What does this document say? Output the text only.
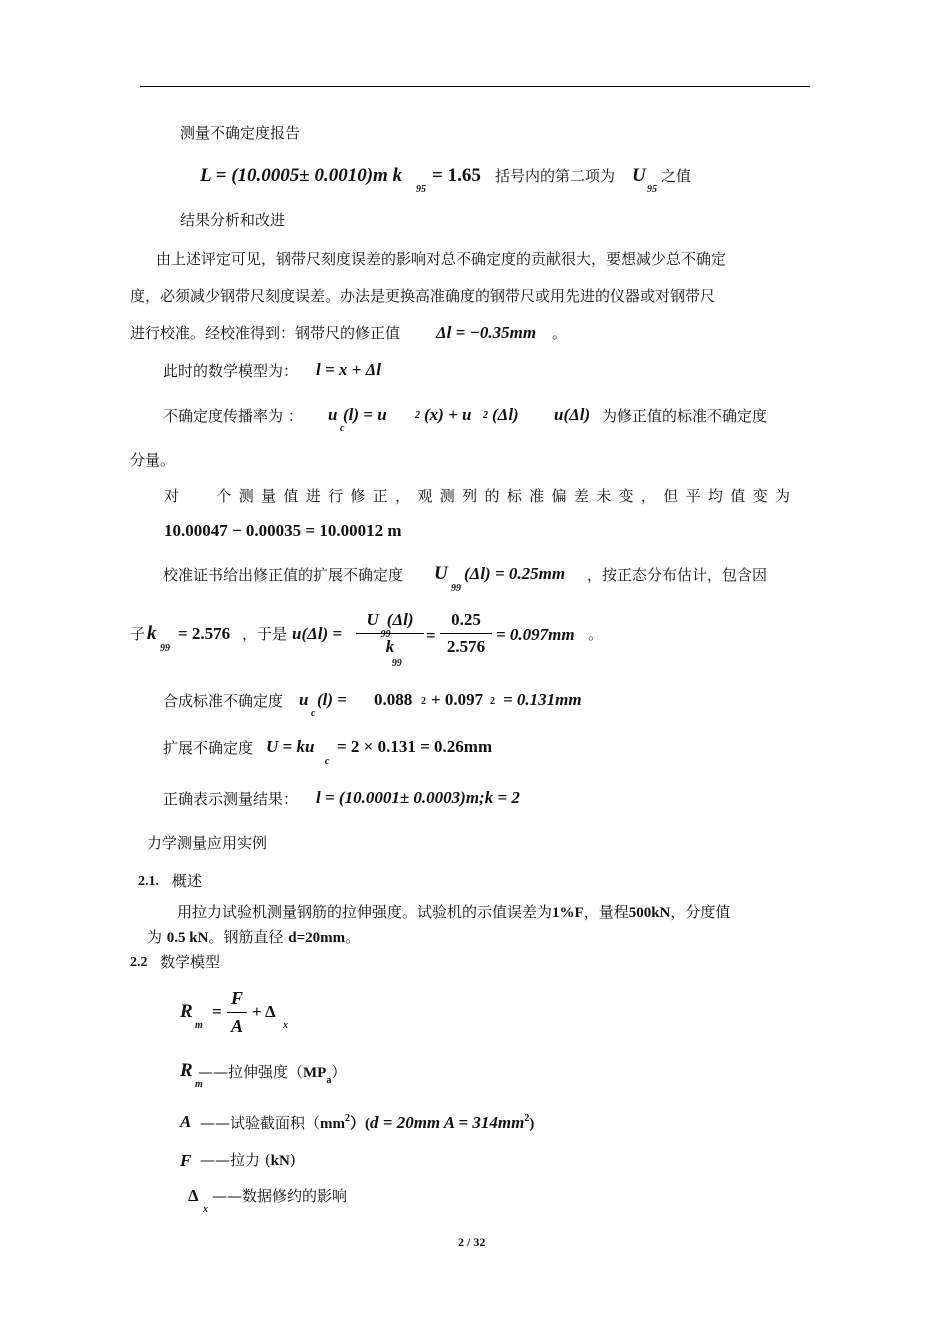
测量不确定度报告
L = (10.0005± 0.0010)m k
95
= 1.65 括号内的第二项为 U
95
之值
结果分析和改进
由上述评定可见，钢带尺刻度误差的影响对总不确定度的贡献很大，要想减少总不确定
度，必须减少钢带尺刻度误差。办法是更换高准确度的钢带尺或用先进的仪器或对钢带尺
进行校准。经校准得到：钢带尺的修正值 Δl = −0.35mm 。
此时的数学模型为： l = x + Δl
不确定度传播率为 ： u
c
(l) = u	2 (x) + u 2 (Δl) u(Δl) 为修正值的标准不确定度
分量。
对 个 测 量 值 进 行 修 正 ， 观 测 列 的 标 准 偏 差 未 变 ， 但 平 均 值 变 为
10.00047 − 0.00035 = 10.00012 m
校准证书给出修正值的扩展不确定度 U
99
(Δl) = 0.25mm ，按正态分布估计，包含因
子 k
99
= 2.576 ，于是 u(Δl) =
U (Δl)
99
k
99
=
0.25
2.576
= 0.097mm 。
合成标准不确定度 u
c
(l) = 0.088 2 + 0.097 2 = 0.131mm
扩展不确定度 U = ku
c
= 2 × 0.131 = 0.26mm
正确表示测量结果： l = (10.0001± 0.0003)m;k = 2
力学测量应用实例
2.1. 概述
用拉力试验机测量钢筋的拉伸强度。试验机的示值误差为1%F，量程500kN，分度值
为 0.5 kN。钢筋直径 d=20mm。
2.2 数学模型
R
m
=
F
A
+ Δ
x
R
m
——拉伸强度$(MP_a)$
A ——试验截面积$(mm^2)(d = 20mm$ $A = 314mm^2$)
F ——拉力 (kN)
Δ
x
——数据修约的影响
2 / 32
